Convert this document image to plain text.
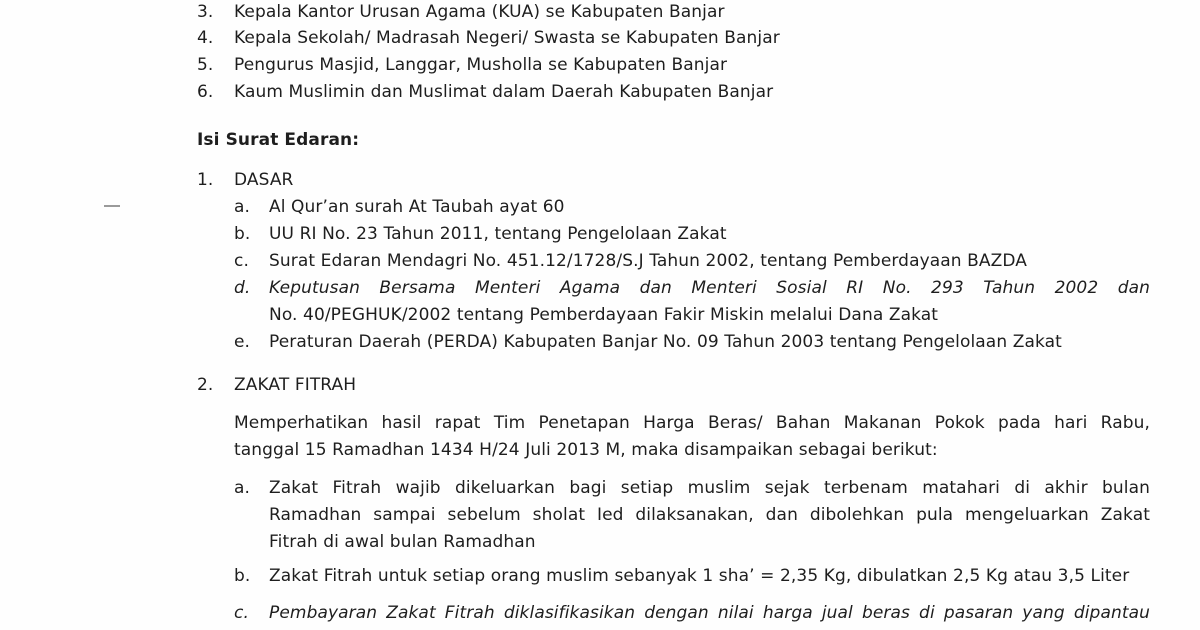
3. Kepala Kantor Urusan Agama (KUA) se Kabupaten Banjar
4. Kepala Sekolah/ Madrasah Negeri/ Swasta se Kabupaten Banjar
5. Pengurus Masjid, Langgar, Musholla se Kabupaten Banjar
6. Kaum Muslimin dan Muslimat dalam Daerah Kabupaten Banjar
Isi Surat Edaran:
1. DASAR
a. Al Qur’an surah At Taubah ayat 60
b. UU RI No. 23 Tahun 2011, tentang Pengelolaan Zakat
c. Surat Edaran Mendagri No. 451.12/1728/S.J Tahun 2002, tentang Pemberdayaan BAZDA
d. Keputusan Bersama Menteri Agama dan Menteri Sosial RI No. 293 Tahun 2002 dan
No. 40/PEGHUK/2002 tentang Pemberdayaan Fakir Miskin melalui Dana Zakat
e. Peraturan Daerah (PERDA) Kabupaten Banjar No. 09 Tahun 2003 tentang Pengelolaan Zakat
2. ZAKAT FITRAH
Memperhatikan hasil rapat Tim Penetapan Harga Beras/ Bahan Makanan Pokok pada hari Rabu,
tanggal 15 Ramadhan 1434 H/24 Juli 2013 M, maka disampaikan sebagai berikut:
a. Zakat Fitrah wajib dikeluarkan bagi setiap muslim sejak terbenam matahari di akhir bulan
Ramadhan sampai sebelum sholat Ied dilaksanakan, dan dibolehkan pula mengeluarkan Zakat
Fitrah di awal bulan Ramadhan
b. Zakat Fitrah untuk setiap orang muslim sebanyak 1 sha’ = 2,35 Kg, dibulatkan 2,5 Kg atau 3,5 Liter
c. Pembayaran Zakat Fitrah diklasifikasikan dengan nilai harga jual beras di pasaran yang dipantau
